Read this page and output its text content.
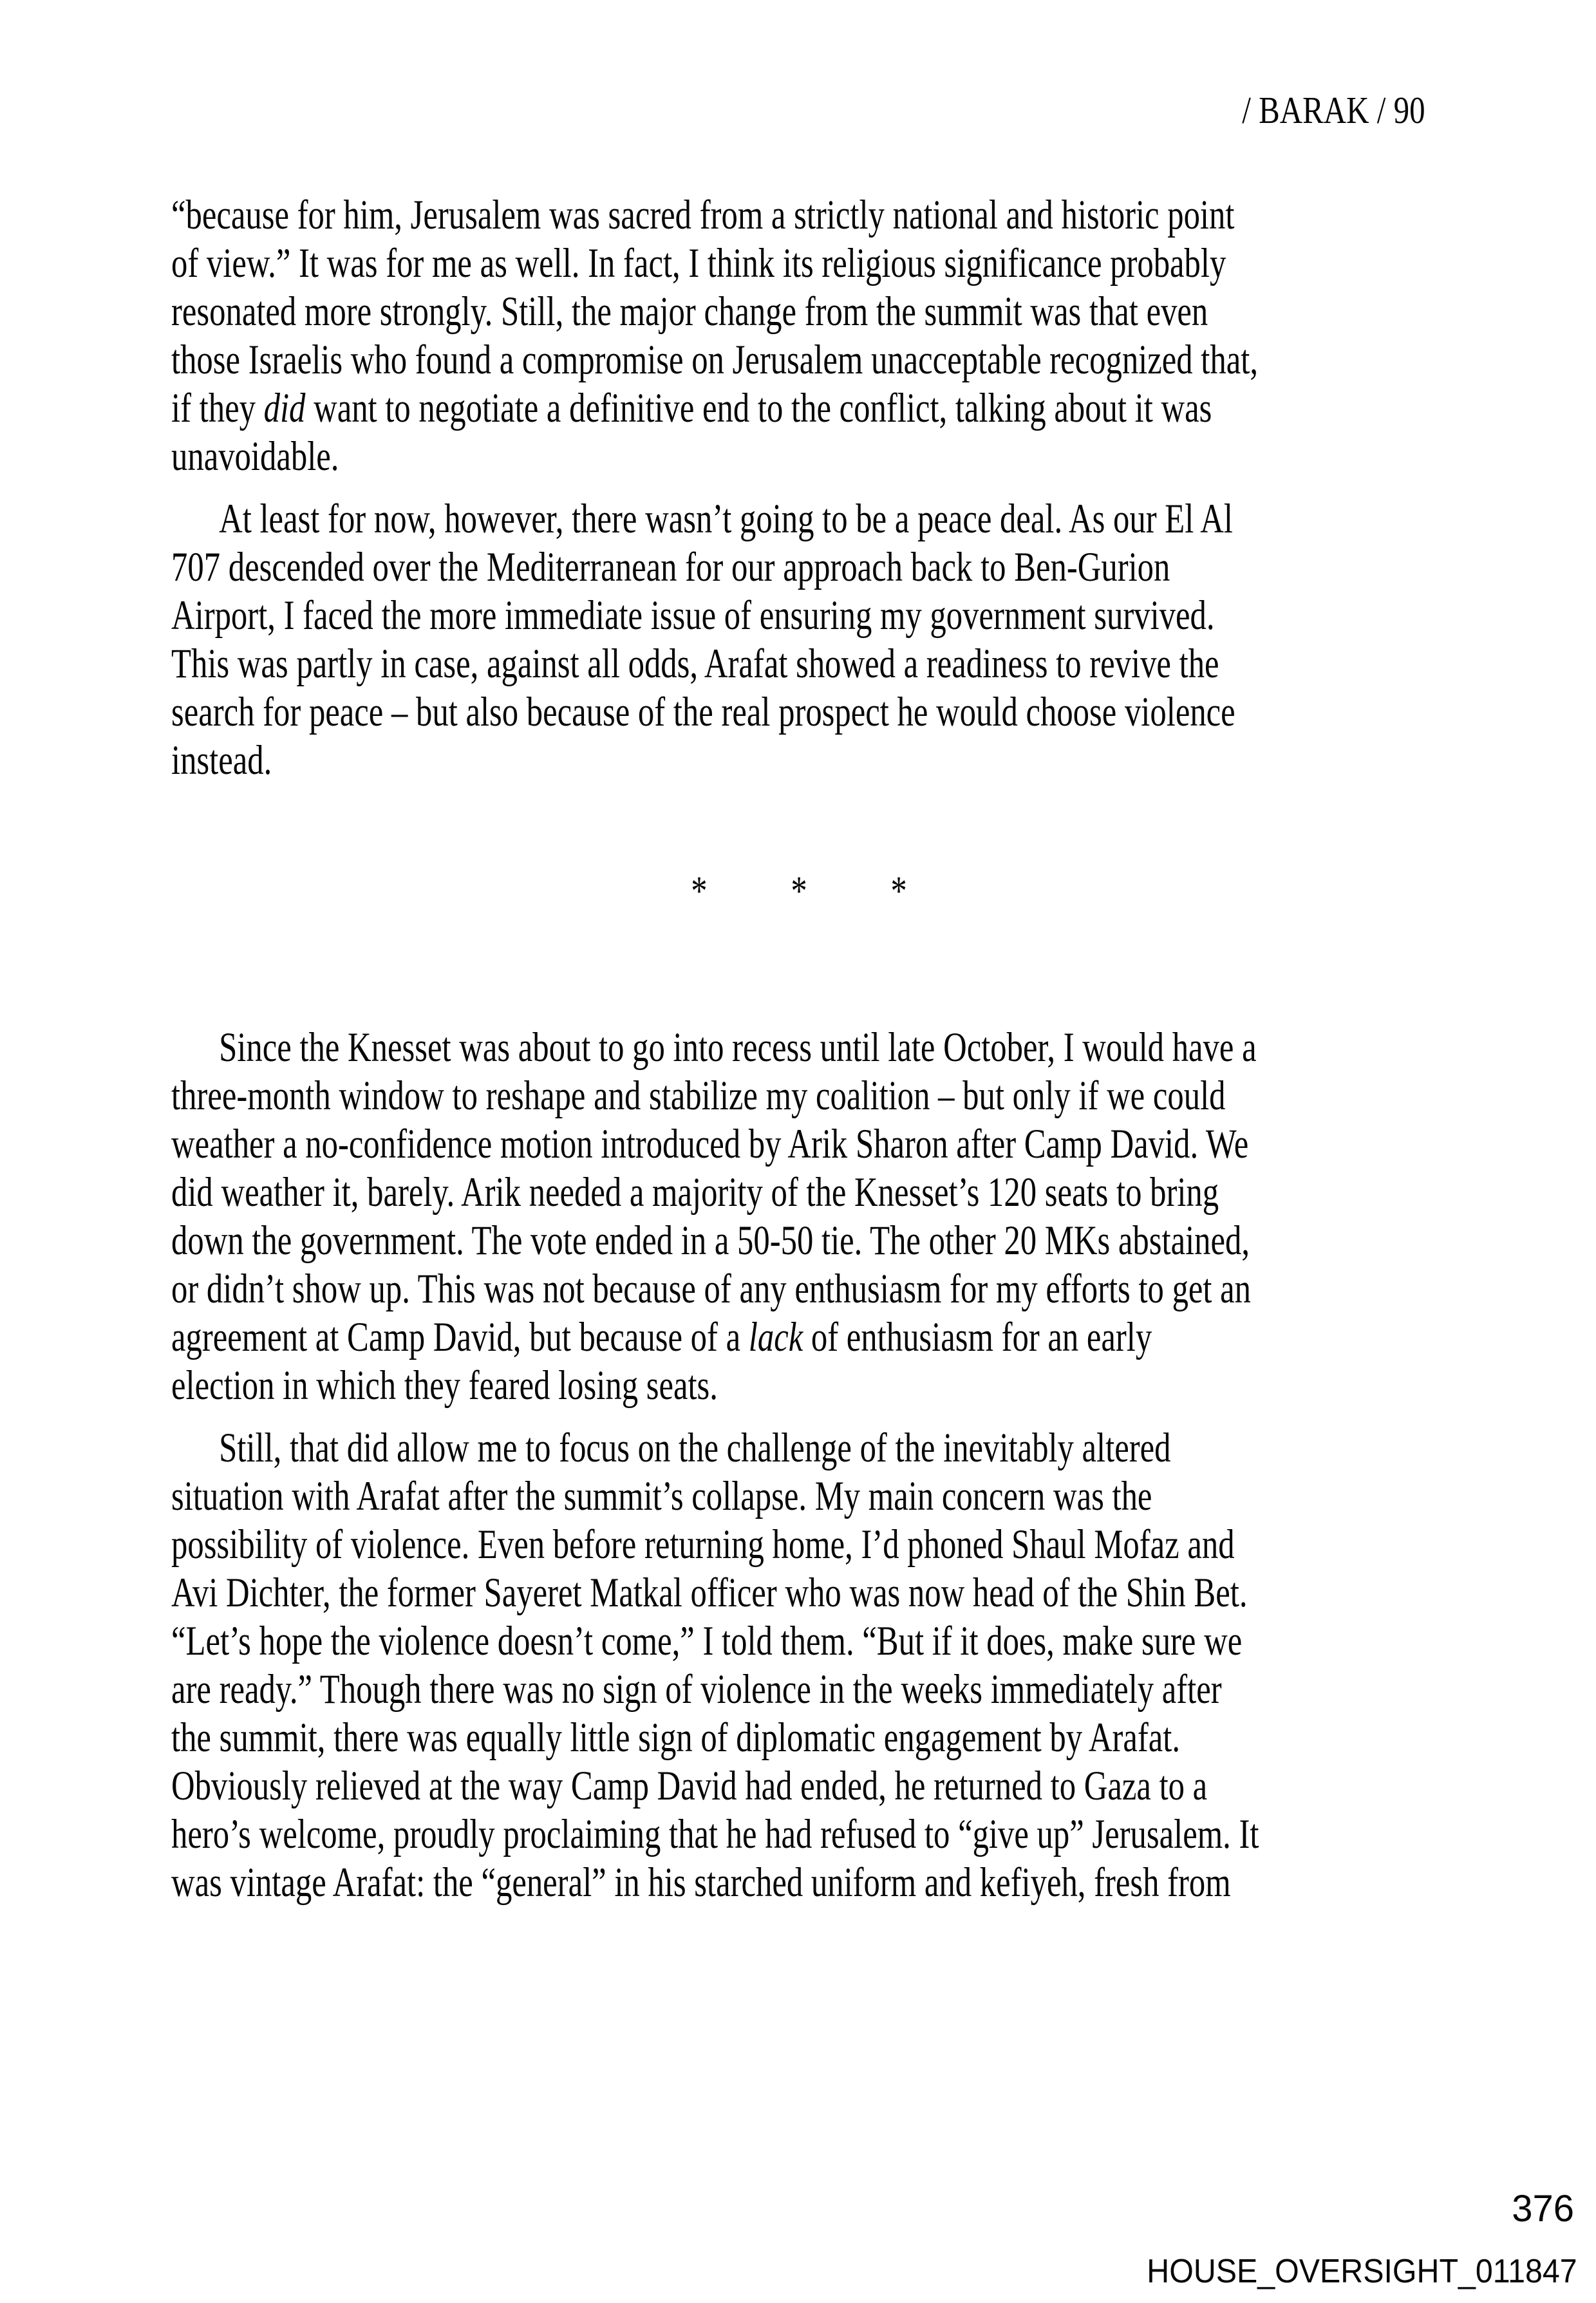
/ BARAK / 90
“because for him, Jerusalem was sacred from a strictly national and historic point
of view.” It was for me as well. In fact, I think its religious significance probably
resonated more strongly. Still, the major change from the summit was that even
those Israelis who found a compromise on Jerusalem unacceptable recognized that,
if they did want to negotiate a definitive end to the conflict, talking about it was
unavoidable.
At least for now, however, there wasn’t going to be a peace deal. As our El Al
707 descended over the Mediterranean for our approach back to Ben-Gurion
Airport, I faced the more immediate issue of ensuring my government survived.
This was partly in case, against all odds, Arafat showed a readiness to revive the
search for peace – but also because of the real prospect he would choose violence
instead.
* * *
Since the Knesset was about to go into recess until late October, I would have a
three-month window to reshape and stabilize my coalition – but only if we could
weather a no-confidence motion introduced by Arik Sharon after Camp David. We
did weather it, barely. Arik needed a majority of the Knesset’s 120 seats to bring
down the government. The vote ended in a 50-50 tie. The other 20 MKs abstained,
or didn’t show up. This was not because of any enthusiasm for my efforts to get an
agreement at Camp David, but because of a lack of enthusiasm for an early
election in which they feared losing seats.
Still, that did allow me to focus on the challenge of the inevitably altered
situation with Arafat after the summit’s collapse. My main concern was the
possibility of violence. Even before returning home, I’d phoned Shaul Mofaz and
Avi Dichter, the former Sayeret Matkal officer who was now head of the Shin Bet.
“Let’s hope the violence doesn’t come,” I told them. “But if it does, make sure we
are ready.” Though there was no sign of violence in the weeks immediately after
the summit, there was equally little sign of diplomatic engagement by Arafat.
Obviously relieved at the way Camp David had ended, he returned to Gaza to a
hero’s welcome, proudly proclaiming that he had refused to “give up” Jerusalem. It
was vintage Arafat: the “general” in his starched uniform and kefiyeh, fresh from
376
HOUSE_OVERSIGHT_011847
